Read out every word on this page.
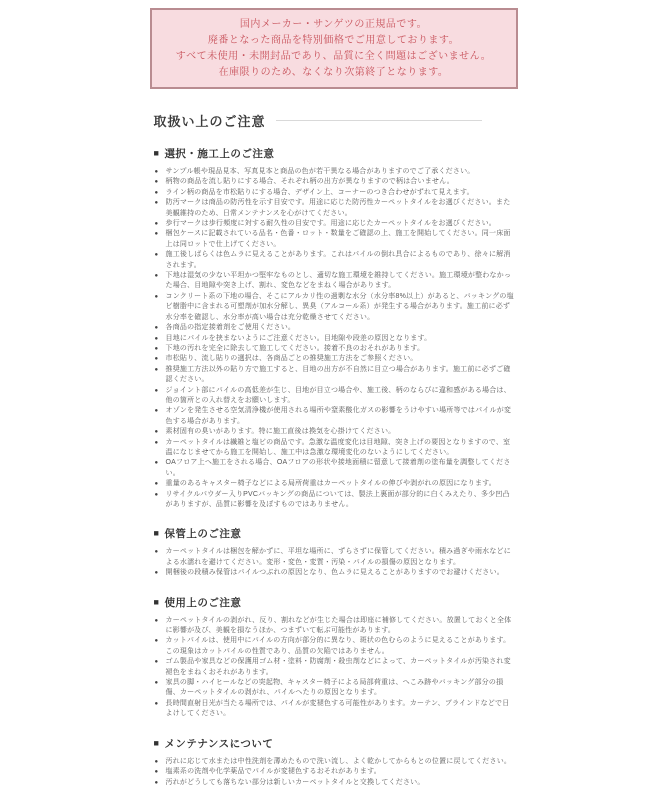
国内メーカー・サンゲツの正規品です。
廃番となった商品を特別価格でご用意しております。
すべて未使用・未開封品であり、品質に全く問題はございません。
在庫限りのため、なくなり次第終了となります。
取扱い上のご注意
■ 選択・施工上のご注意
● サンプル帳や現品見本、写真見本と商品の色が若干異なる場合がありますのでご了承ください。
● 柄物の商品を流し貼りにする場合、それぞれ柄の出方が異なりますので柄は合いません。
● ライン柄の商品を市松貼りにする場合、デザイン上、コーナーのつき合わせがずれて見えます。
● 防汚マークは商品の防汚性を示す目安です。用途に応じた防汚性カーペットタイルをお選びください。また美観維持のため、日常メンテナンスを心がけてください。
● 歩行マークは歩行頻度に対する耐久性の目安です。用途に応じたカーペットタイルをお選びください。
● 梱包ケースに記載されている品名・色番・ロット・数量をご確認の上、施工を開始してください。同一床面上は同ロットで仕上げてください。
● 施工後しばらくは色ムラに見えることがあります。これはパイルの倒れ具合によるものであり、徐々に解消されます。
● 下地は湿気の少ない平坦かつ堅牢なものとし、適切な施工環境を維持してください。施工環境が整わなかった場合、目地隙や突き上げ、割れ、変色などをまねく場合があります。
● コンクリート系の下地の場合、そこにアルカリ性の過剰な水分（水分率8%以上）があると、バッキングの塩ビ樹脂中に含まれる可塑剤が加水分解し、異臭（アルコール系）が発生する場合があります。施工前に必ず水分率を確認し、水分率が高い場合は充分乾燥させてください。
● 各商品の指定接着剤をご使用ください。
● 目地にパイルを挟まないようにご注意ください。目地隙や段差の原因となります。
● 下地の汚れを完全に除去して施工してください。接着不良のおそれがあります。
● 市松貼り、流し貼りの選択は、各商品ごとの推奨施工方法をご参照ください。
● 推奨施工方法以外の貼り方で施工すると、目地の出方が不自然に目立つ場合があります。施工前に必ずご確認ください。
● ジョイント部にパイルの高低差が生じ、目地が目立つ場合や、施工後、柄のならびに違和感がある場合は、他の箇所との入れ替えをお願いします。
● オゾンを発生させる空気清浄機が使用される場所や窒素酸化ガスの影響をうけやすい場所等ではパイルが変色する場合があります。
● 素材固有の臭いがあります。特に施工直後は換気を心掛けてください。
● カーペットタイルは繊維と塩ビの商品です。急激な温度変化は目地隙、突き上げの要因となりますので、室温になじませてから施工を開始し、施工中は急激な環境変化のないようにしてください。
● OAフロア上へ施工をされる場合、OAフロアの形状や接地面積に留意して接着剤の塗布量を調整してください。
● 重量のあるキャスター椅子などによる局所荷重はカーペットタイルの伸びや剥がれの原因になります。
● リサイクルパウダー入りPVCバッキングの商品については、製法上裏面が部分的に白くみえたり、多少凹凸がありますが、品質に影響を及ぼすものではありません。
■ 保管上のご注意
● カーペットタイルは梱包を解かずに、平坦な場所に、ずらさずに保管してください。積み過ぎや雨水などによる水濡れを避けてください。変形・変色・変質・汚染・パイルの損傷の原因となります。
● 開梱後の段積み保管はパイルつぶれの原因となり、色ムラに見えることがありますのでお避けください。
■ 使用上のご注意
● カーペットタイルの剥がれ、反り、割れなどが生じた場合は即座に補修してください。放置しておくと全体に影響が及び、美観を損なうほか、つまずいて転ぶ可能性があります。
● カットパイルは、使用中にパイルの方向が部分的に異なり、斑状の色むらのように見えることがあります。この現象はカットパイルの性質であり、品質の欠陥ではありません。
● ゴム製品や家具などの保護用ゴム材・塗料・防腐剤・殺虫剤などによって、カーペットタイルが汚染され変褪色をまねくおそれがあります。
● 家具の脚・ハイヒールなどの突起物、キャスター椅子による局部荷重は、へこみ跡やバッキング部分の損傷、カーペットタイルの剥がれ、パイルへたりの原因となります。
● 長時間直射日光が当たる場所では、パイルが変褪色する可能性があります。カーテン、ブラインドなどで日よけしてください。
■ メンテナンスについて
● 汚れに応じて水または中性洗剤を薄めたもので洗い流し、よく乾かしてからもとの位置に戻してください。
● 塩素系の洗剤や化学薬品でパイルが変褪色するおそれがあります。
● 汚れがどうしても落ちない部分は新しいカーペットタイルと交換してください。
